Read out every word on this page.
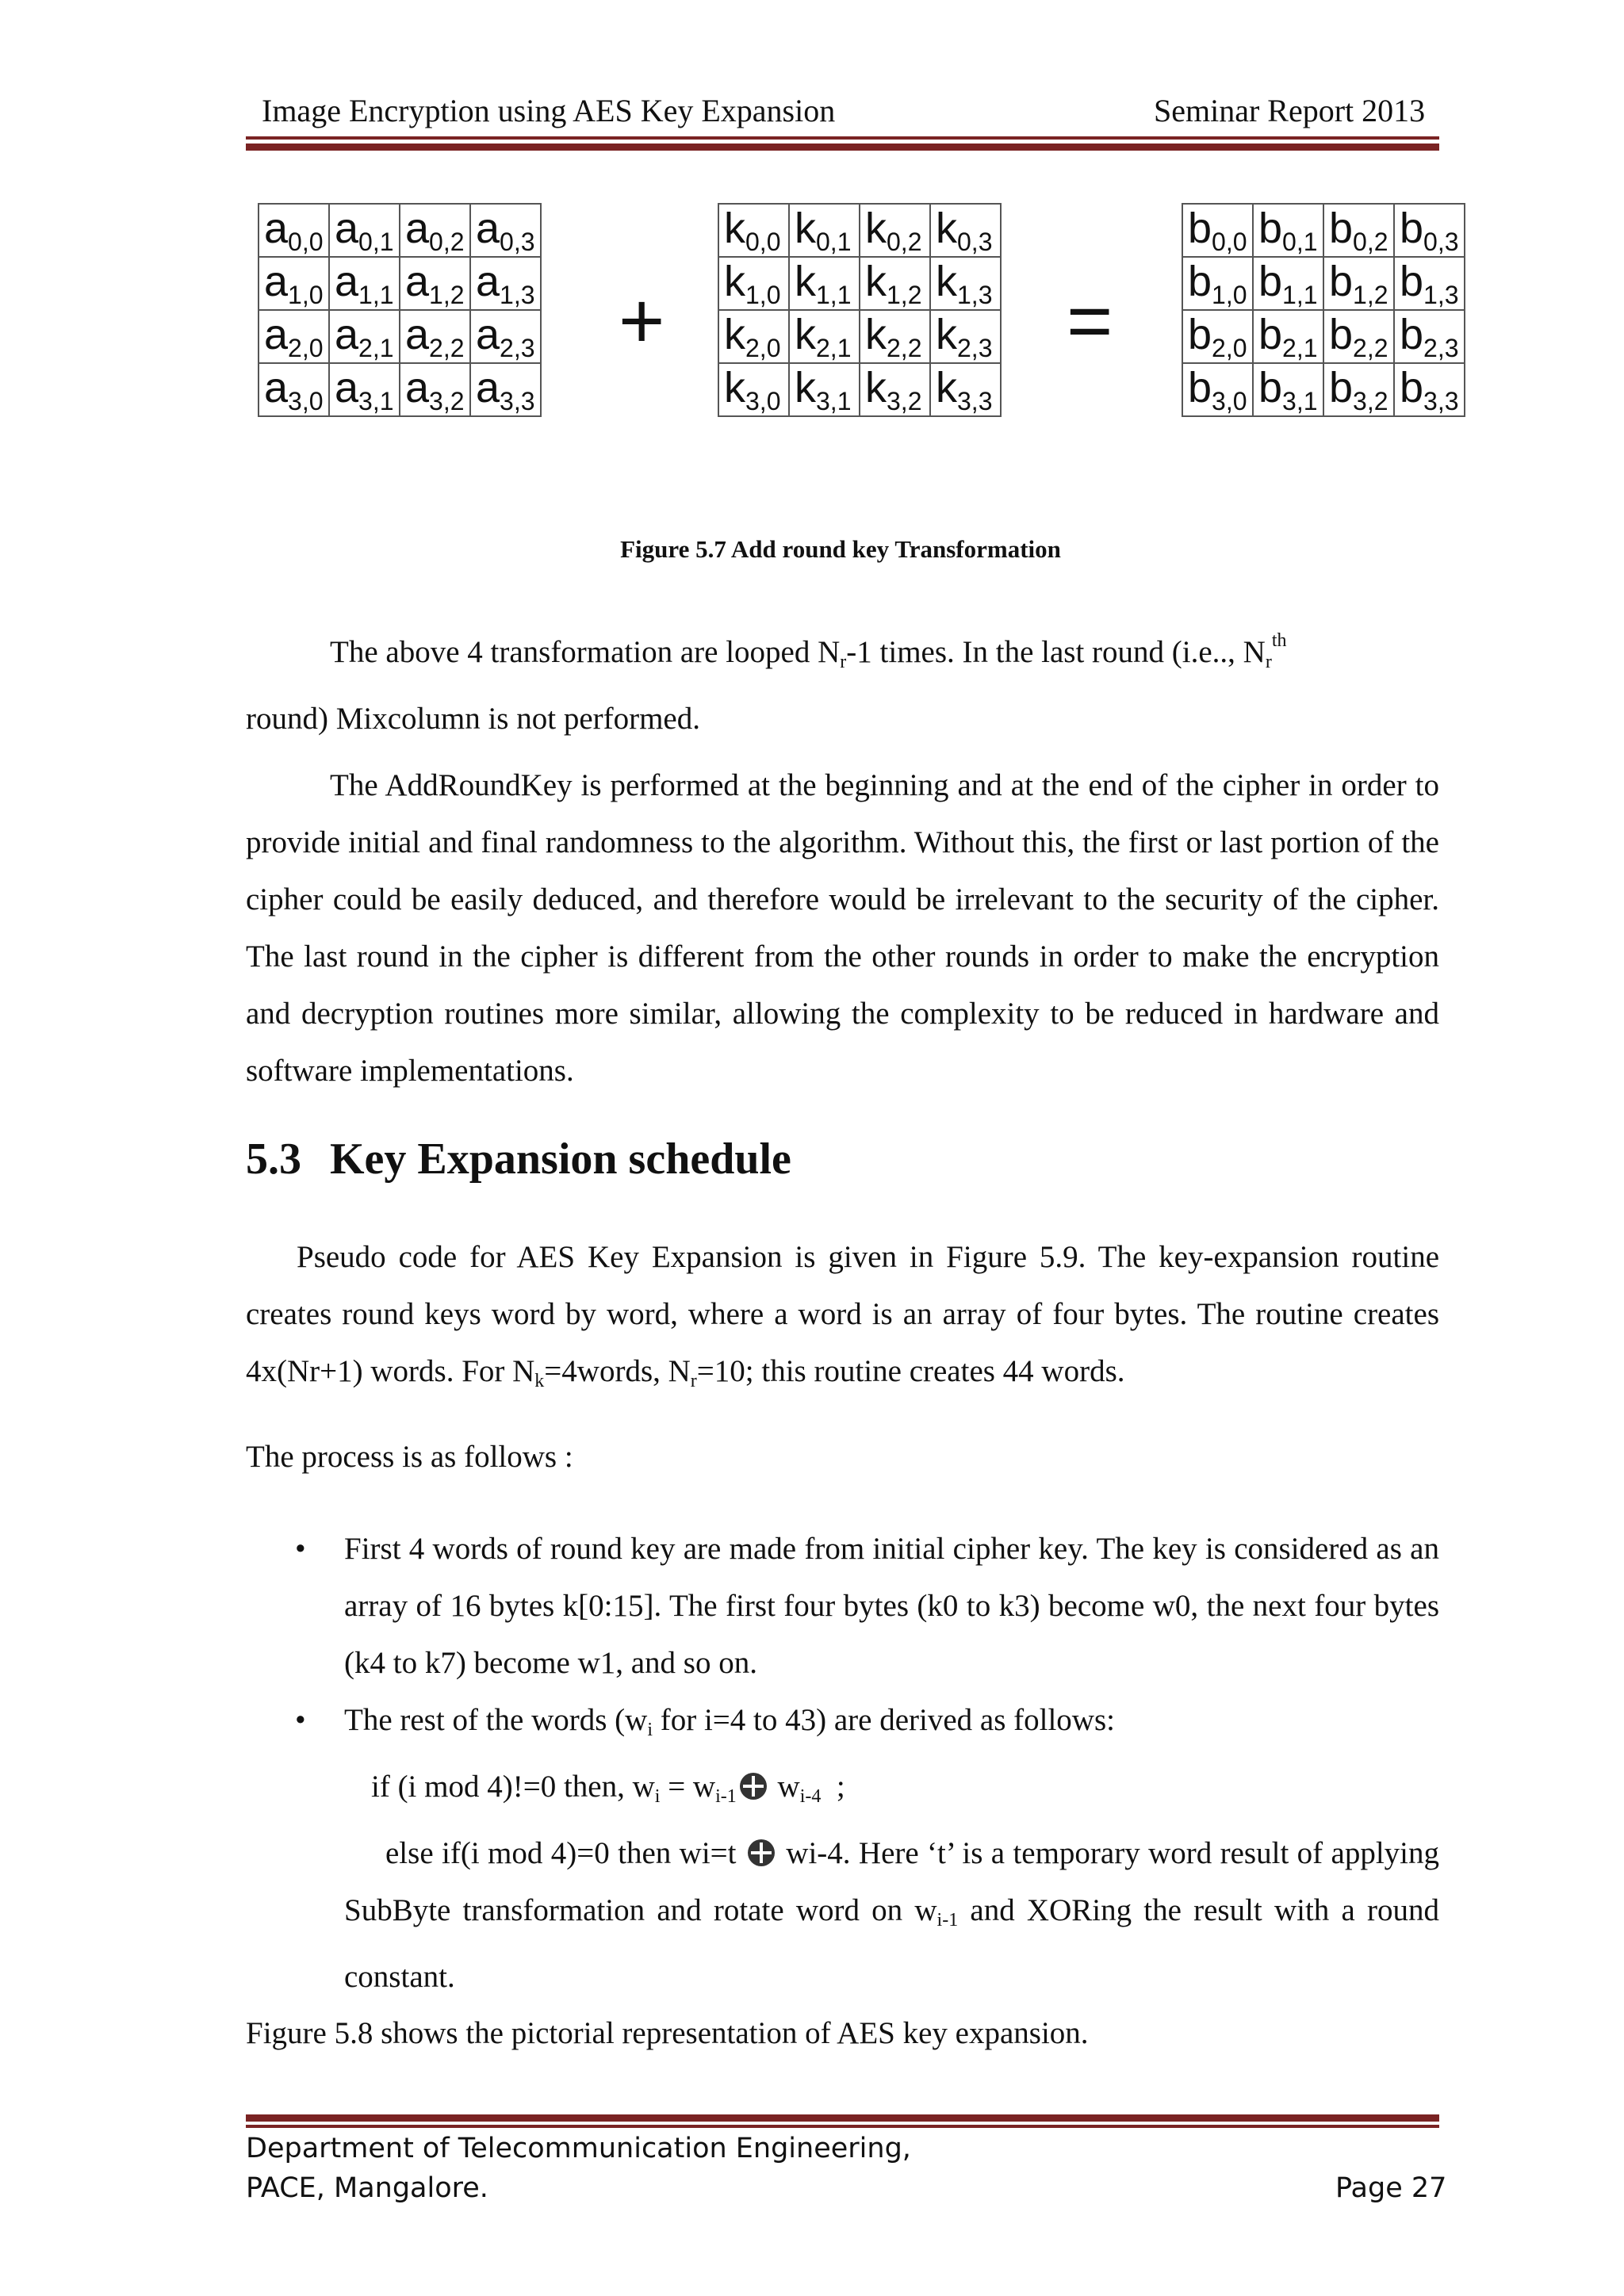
Image Encryption using AES Key Expansion	Seminar Report 2013
$a_{0,0}$	$a_{0,1}$	$a_{0,2}$	$a_{0,3}$
$a_{1,0}$	$a_{1,1}$	$a_{1,2}$	$a_{1,3}$
$a_{2,0}$	$a_{2,1}$	$a_{2,2}$	$a_{2,3}$
$a_{3,0}$	$a_{3,1}$	$a_{3,2}$	$a_{3,3}$
+
$k_{0,0}$	$k_{0,1}$	$k_{0,2}$	$k_{0,3}$
$k_{1,0}$	$k_{1,1}$	$k_{1,2}$	$k_{1,3}$
$k_{2,0}$	$k_{2,1}$	$k_{2,2}$	$k_{2,3}$
$k_{3,0}$	$k_{3,1}$	$k_{3,2}$	$k_{3,3}$
=
$b_{0,0}$	$b_{0,1}$	$b_{0,2}$	$b_{0,3}$
$b_{1,0}$	$b_{1,1}$	$b_{1,2}$	$b_{1,3}$
$b_{2,0}$	$b_{2,1}$	$b_{2,2}$	$b_{2,3}$
$b_{3,0}$	$b_{3,1}$	$b_{3,2}$	$b_{3,3}$
Figure 5.7 Add round key Transformation

The above 4 transformation are looped $N_r-1$ times. In the last round (i.e.., $N_r^{th}$

round) Mixcolumn is not performed.

The AddRoundKey is performed at the beginning and at the end of the cipher in order to provide initial and final randomness to the algorithm. Without this, the first or last portion of the cipher could be easily deduced, and therefore would be irrelevant to the security of the cipher. The last round in the cipher is different from the other rounds in order to make the encryption and decryption routines more similar, allowing the complexity to be reduced in hardware and software implementations.

5.3 Key Expansion schedule

Pseudo code for AES Key Expansion is given in Figure 5.9. The key-expansion routine creates round keys word by word, where a word is an array of four bytes. The routine creates 4x(Nr+1) words. For $N_k=4words$, $N_r=10$; this routine creates 44 words.

The process is as follows :

• First 4 words of round key are made from initial cipher key. The key is considered as an array of 16 bytes k[0:15]. The first four bytes (k0 to k3) become w0, the next four bytes (k4 to k7) become w1, and so on.
• The rest of the words ($w_i$ for i=4 to 43) are derived as follows:
if (i mod 4)!=0 then, $w_i = w_{i-1}$ $w_{i-4}$  ;
else if(i mod 4)=0 then wi=t wi-4. Here ‘t’ is a temporary word result of applying SubByte transformation and rotate word on $w_{i-1}$ and XORing the result with a round constant.

Figure 5.8 shows the pictorial representation of AES key expansion.

Department of Telecommunication Engineering,
PACE, Mangalore.	Page 27
